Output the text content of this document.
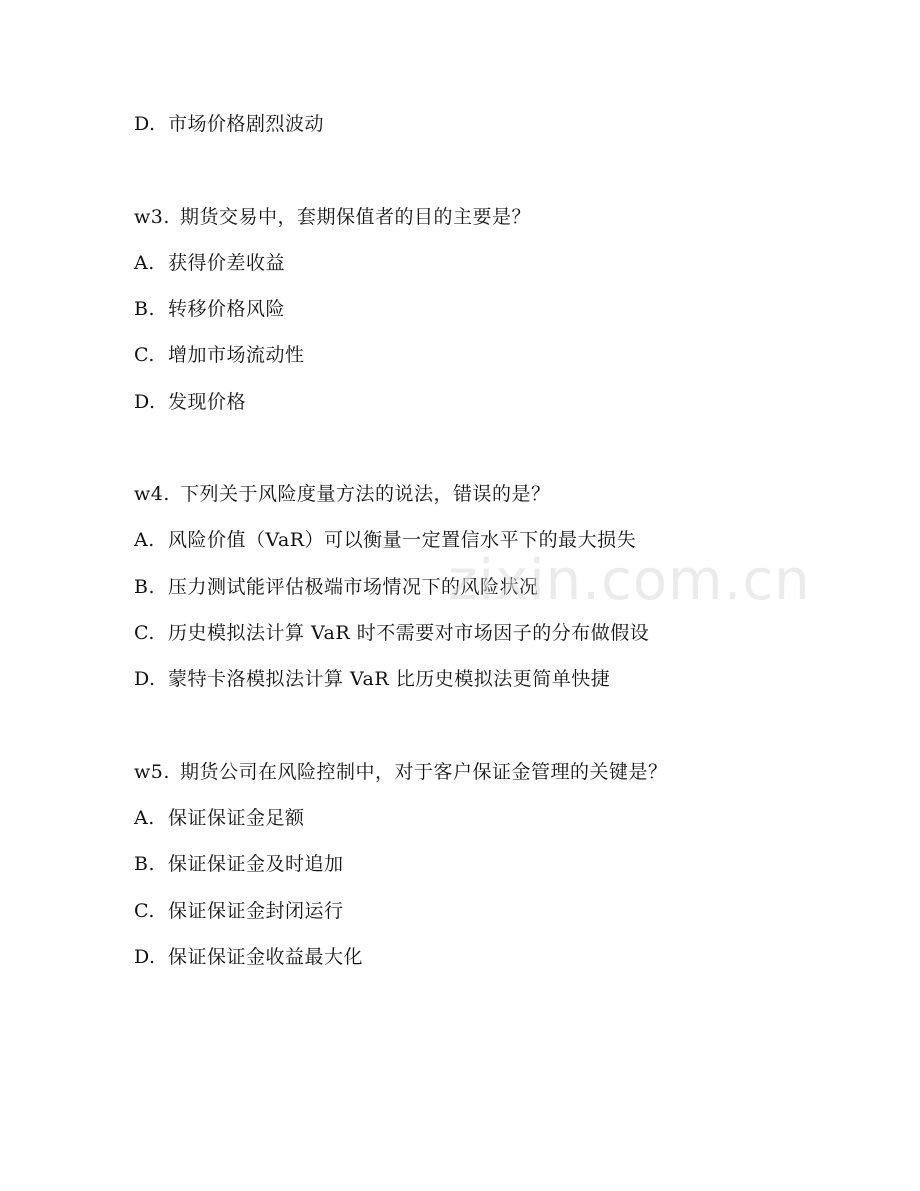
D. 市场价格剧烈波动
w3. 期货交易中，套期保值者的目的主要是？
A. 获得价差收益
B. 转移价格风险
C. 增加市场流动性
D. 发现价格
w4. 下列关于风险度量方法的说法，错误的是？
A. 风险价值（VaR）可以衡量一定置信水平下的最大损失
B. 压力测试能评估极端市场情况下的风险状况
C. 历史模拟法计算 VaR 时不需要对市场因子的分布做假设
D. 蒙特卡洛模拟法计算 VaR 比历史模拟法更简单快捷
w5. 期货公司在风险控制中，对于客户保证金管理的关键是？
A. 保证保证金足额
B. 保证保证金及时追加
C. 保证保证金封闭运行
D. 保证保证金收益最大化
zixin.com.cn
